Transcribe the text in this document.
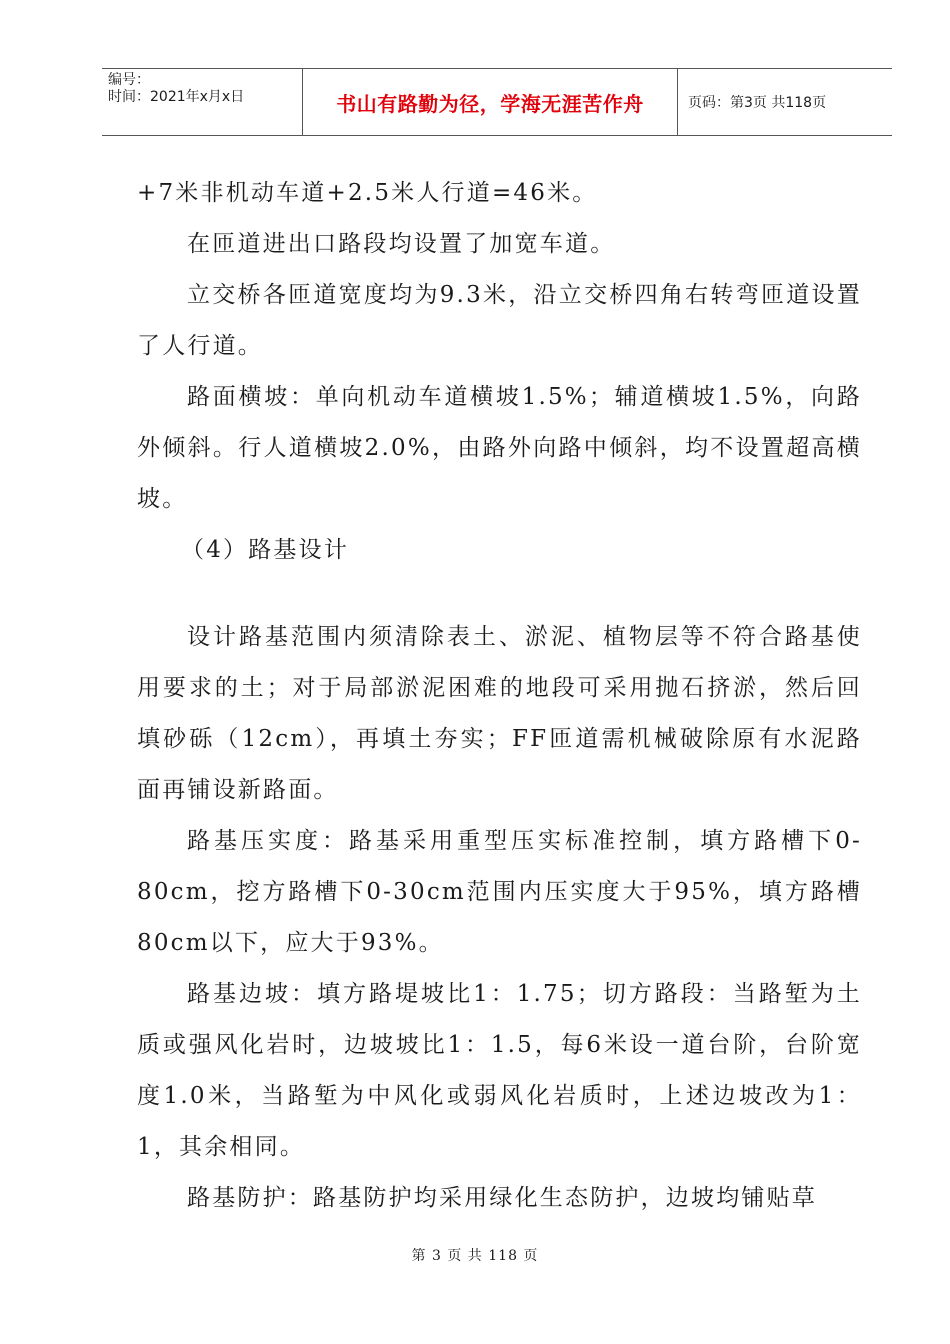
编号：
时间：2021年x月x日	书山有路勤为径，学海无涯苦作舟	页码：第3页 共118页

+7米非机动车道+2.5米人行道=46米。

在匝道进出口路段均设置了加宽车道。

立交桥各匝道宽度均为9.3米，沿立交桥四角右转弯匝道设置了人行道。

路面横坡：单向机动车道横坡1.5%；辅道横坡1.5%，向路外倾斜。行人道横坡2.0%，由路外向路中倾斜，均不设置超高横坡。

（4）路基设计

设计路基范围内须清除表土、淤泥、植物层等不符合路基使用要求的土；对于局部淤泥困难的地段可采用抛石挤淤，然后回填砂砾（12cm），再填土夯实；FF匝道需机械破除原有水泥路面再铺设新路面。

路基压实度：路基采用重型压实标准控制，填方路槽下0-80cm，挖方路槽下0-30cm范围内压实度大于95%，填方路槽80cm以下，应大于93%。

路基边坡：填方路堤坡比1：1.75；切方路段：当路堑为土质或强风化岩时，边坡坡比1：1.5，每6米设一道台阶，台阶宽度1.0米，当路堑为中风化或弱风化岩质时，上述边坡改为1：1，其余相同。

路基防护：路基防护均采用绿化生态防护，边坡均铺贴草

第 3 页 共 118 页
